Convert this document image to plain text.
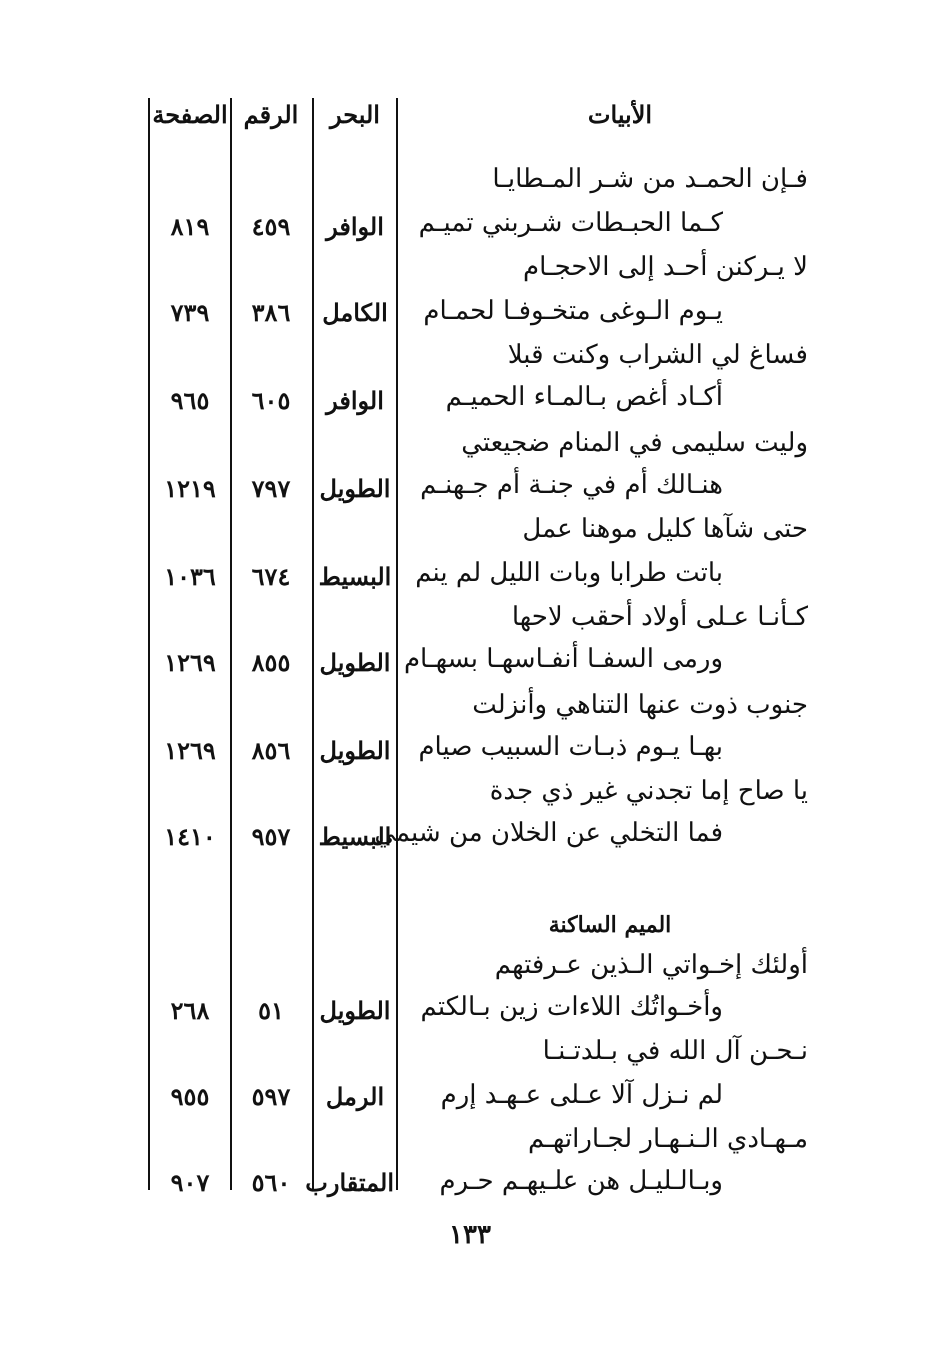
الأبيات
البحر
الرقم
الصفحة
فـإن الحمـد من شـر المـطايـا
كـما الحبـطات شـربني تميـم
الوافر
٤٥٩
٨١٩
لا يـركنن أحـد إلى الاحجـام
يـوم الـوغى متخـوفـا لحمـام
الكامل
٣٨٦
٧٣٩
فساغ لي الشراب وكنت قبلا
أكـاد أغص بـالمـاء الحميـم
الوافر
٦٠٥
٩٦٥
وليت سليمى في المنام ضجيعتي
هنـالك أم في جنـة أم جـهنـم
الطويل
٧٩٧
١٢١٩
حتى شآها كليل موهنا عمل
باتت طرابا وبات الليل لم ينم
البسيط
٦٧٤
١٠٣٦
كـأنـا عـلى أولاد أحقب لاحها
ورمى السفـا أنفـاسهـا بسهـام
الطويل
٨٥٥
١٢٦٩
جنوب ذوت عنها التناهي وأنزلت
بهـا يـوم ذبـات السبيب صيام
الطويل
٨٥٦
١٢٦٩
يا صاح إما تجدني غير ذي جدة
فما التخلي عن الخلان من شيمي
البسيط
٩٥٧
١٤١٠
الميم الساكنة
أولئك إخـواتي الـذين عـرفتهم
وأخـواتُك اللاءات زين بـالكتم
الطويل
٥١
٢٦٨
نـحـن آل الله في بـلدتـنـا
لم نـزل آلا عـلى عـهـد إرم
الرمل
٥٩٧
٩٥٥
مـهـادي الـنـهـار لجـاراتهـم
وبـالـليـل هن علـيهـم حـرم
المتقارب
٥٦٠
٩٠٧
١٣٣
